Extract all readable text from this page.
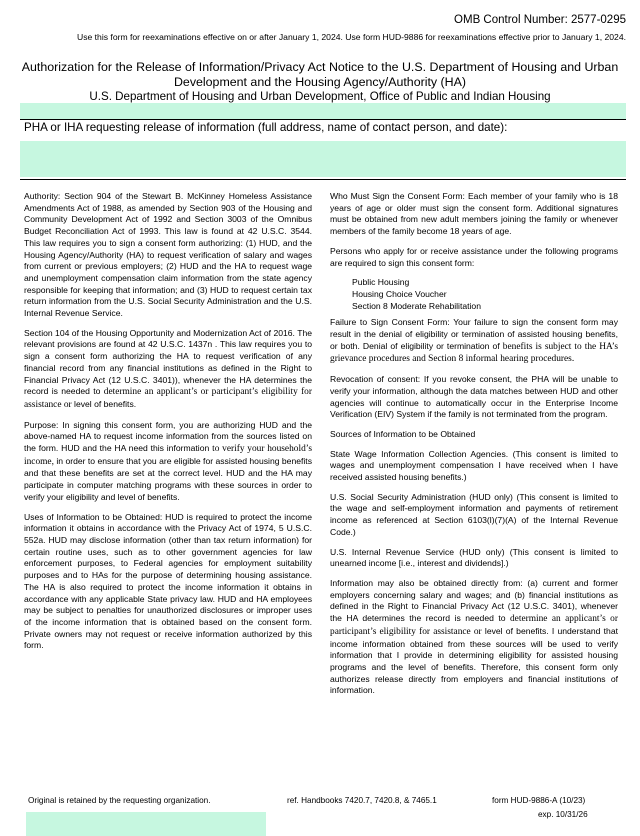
OMB Control Number: 2577-0295
Use this form for reexaminations effective on or after January 1, 2024. Use form HUD-9886 for reexaminations effective prior to January 1, 2024.
Authorization for the Release of Information/Privacy Act Notice to the U.S. Department of Housing and Urban Development and the Housing Agency/Authority (HA)
U.S. Department of Housing and Urban Development, Office of Public and Indian Housing
PHA or IHA requesting release of information (full address, name of contact person, and date):

Authority: Section 904 of the Stewart B. McKinney Homeless Assistance Amendments Act of 1988, as amended by Section 903 of the Housing and Community Development Act of 1992 and Section 3003 of the Omnibus Budget Reconciliation Act of 1993. This law is found at 42 U.S.C. 3544. This law requires you to sign a consent form authorizing: (1) HUD, and the Housing Agency/Authority (HA) to request verification of salary and wages from current or previous employers; (2) HUD and the HA to request wage and unemployment compensation claim information from the state agency responsible for keeping that information; and (3) HUD to request certain tax return information from the U.S. Social Security Administration and the U.S. Internal Revenue Service.

Section 104 of the Housing Opportunity and Modernization Act of 2016. The relevant provisions are found at 42 U.S.C. 1437n . This law requires you to sign a consent form authorizing the HA to request verification of any financial record from any financial institutions as defined in the Right to Financial Privacy Act (12 U.S.C. 3401)), whenever the HA determines the record is needed to determine an applicant’s or participant’s eligibility for assistance or level of benefits.

Purpose: In signing this consent form, you are authorizing HUD and the above-named HA to request income information from the sources listed on the form. HUD and the HA need this information to verify your household’s income, in order to ensure that you are eligible for assisted housing benefits and that these benefits are set at the correct level. HUD and the HA may participate in computer matching programs with these sources in order to verify your eligibility and level of benefits.

Uses of Information to be Obtained: HUD is required to protect the income information it obtains in accordance with the Privacy Act of 1974, 5 U.S.C. 552a. HUD may disclose information (other than tax return information) for certain routine uses, such as to other government agencies for law enforcement purposes, to Federal agencies for employment suitability purposes and to HAs for the purpose of determining housing assistance. The HA is also required to protect the income information it obtains in accordance with any applicable State privacy law. HUD and HA employees may be subject to penalties for unauthorized disclosures or improper uses of the income information that is obtained based on the consent form. Private owners may not request or receive information authorized by this form.

Who Must Sign the Consent Form: Each member of your family who is 18 years of age or older must sign the consent form. Additional signatures must be obtained from new adult members joining the family or whenever members of the family become 18 years of age.

Persons who apply for or receive assistance under the following programs are required to sign this consent form:

Public Housing
Housing Choice Voucher
Section 8 Moderate Rehabilitation

Failure to Sign Consent Form: Your failure to sign the consent form may result in the denial of eligibility or termination of assisted housing benefits, or both. Denial of eligibility or termination of benefits is subject to the HA’s grievance procedures and Section 8 informal hearing procedures.

Revocation of consent: If you revoke consent, the PHA will be unable to verify your information, although the data matches between HUD and other agencies will continue to automatically occur in the Enterprise Income Verification (EIV) System if the family is not terminated from the program.

Sources of Information to be Obtained

State Wage Information Collection Agencies. (This consent is limited to wages and unemployment compensation I have received when I have received assisted housing benefits.)

U.S. Social Security Administration (HUD only) (This consent is limited to the wage and self-employment information and payments of retirement income as referenced at Section 6103(l)(7)(A) of the Internal Revenue Code.)

U.S. Internal Revenue Service (HUD only) (This consent is limited to unearned income [i.e., interest and dividends].)

Information may also be obtained directly from: (a) current and former employers concerning salary and wages; and (b) financial institutions as defined in the Right to Financial Privacy Act (12 U.S.C. 3401), whenever the HA determines the record is needed to determine an applicant’s or participant’s eligibility for assistance or level of benefits. I understand that income information obtained from these sources will be used to verify information that I provide in determining eligibility for assisted housing programs and the level of benefits. Therefore, this consent form only authorizes release directly from employers and financial institutions of information.

Original is retained by the requesting organization.	ref. Handbooks 7420.7, 7420.8, & 7465.1	form HUD-9886-A (10/23)
exp. 10/31/26
